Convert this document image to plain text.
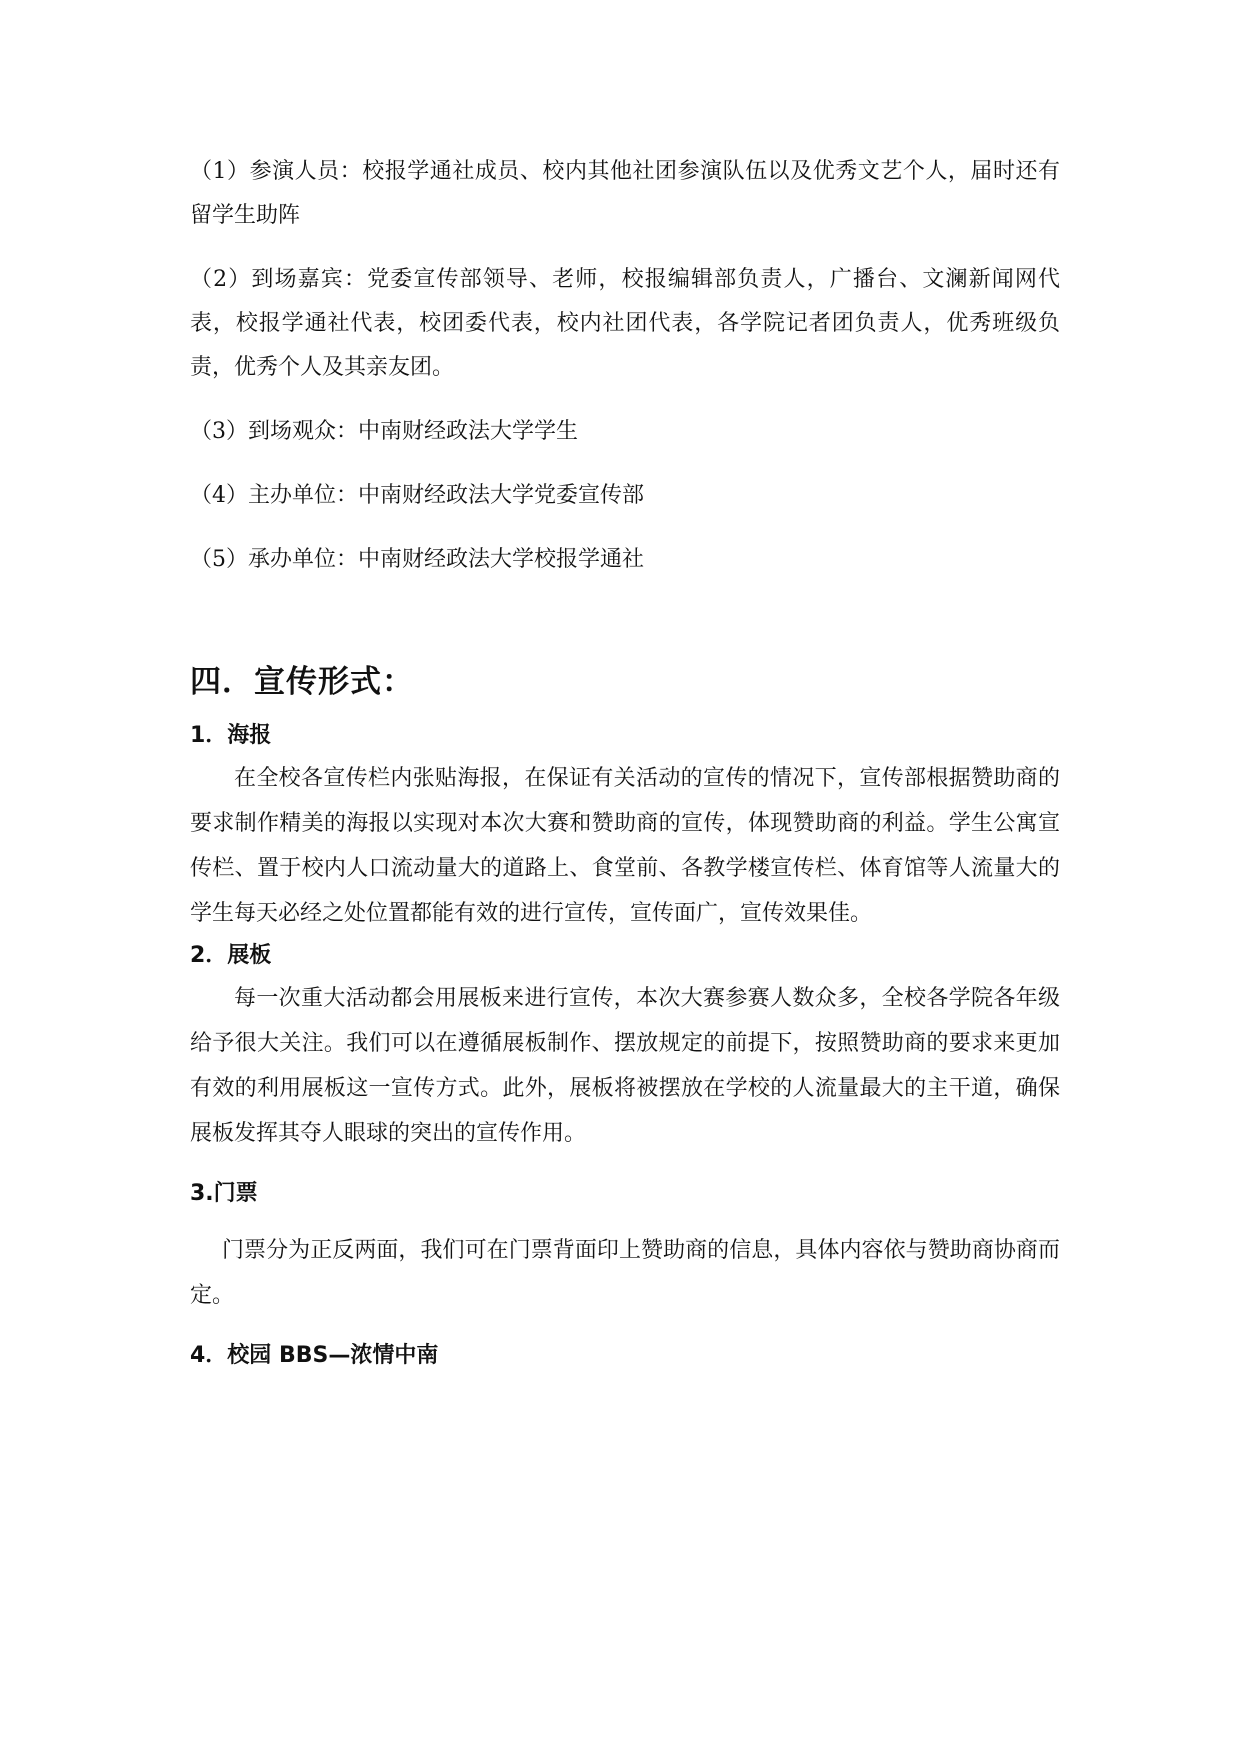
（1）参演人员：校报学通社成员、校内其他社团参演队伍以及优秀文艺个人，届时还有留学生助阵

（2）到场嘉宾：党委宣传部领导、老师，校报编辑部负责人，广播台、文澜新闻网代表，校报学通社代表，校团委代表，校内社团代表，各学院记者团负责人，优秀班级负责，优秀个人及其亲友团。

（3）到场观众：中南财经政法大学学生

（4）主办单位：中南财经政法大学党委宣传部

（5）承办单位：中南财经政法大学校报学通社

四．宣传形式：
1．海报

在全校各宣传栏内张贴海报，在保证有关活动的宣传的情况下，宣传部根据赞助商的要求制作精美的海报以实现对本次大赛和赞助商的宣传，体现赞助商的利益。学生公寓宣传栏、置于校内人口流动量大的道路上、食堂前、各教学楼宣传栏、体育馆等人流量大的学生每天必经之处位置都能有效的进行宣传，宣传面广，宣传效果佳。

2．展板

每一次重大活动都会用展板来进行宣传，本次大赛参赛人数众多，全校各学院各年级给予很大关注。我们可以在遵循展板制作、摆放规定的前提下，按照赞助商的要求来更加有效的利用展板这一宣传方式。此外，展板将被摆放在学校的人流量最大的主干道，确保展板发挥其夺人眼球的突出的宣传作用。

3.门票

门票分为正反两面，我们可在门票背面印上赞助商的信息，具体内容依与赞助商协商而定。

4．校园 BBS—浓情中南
